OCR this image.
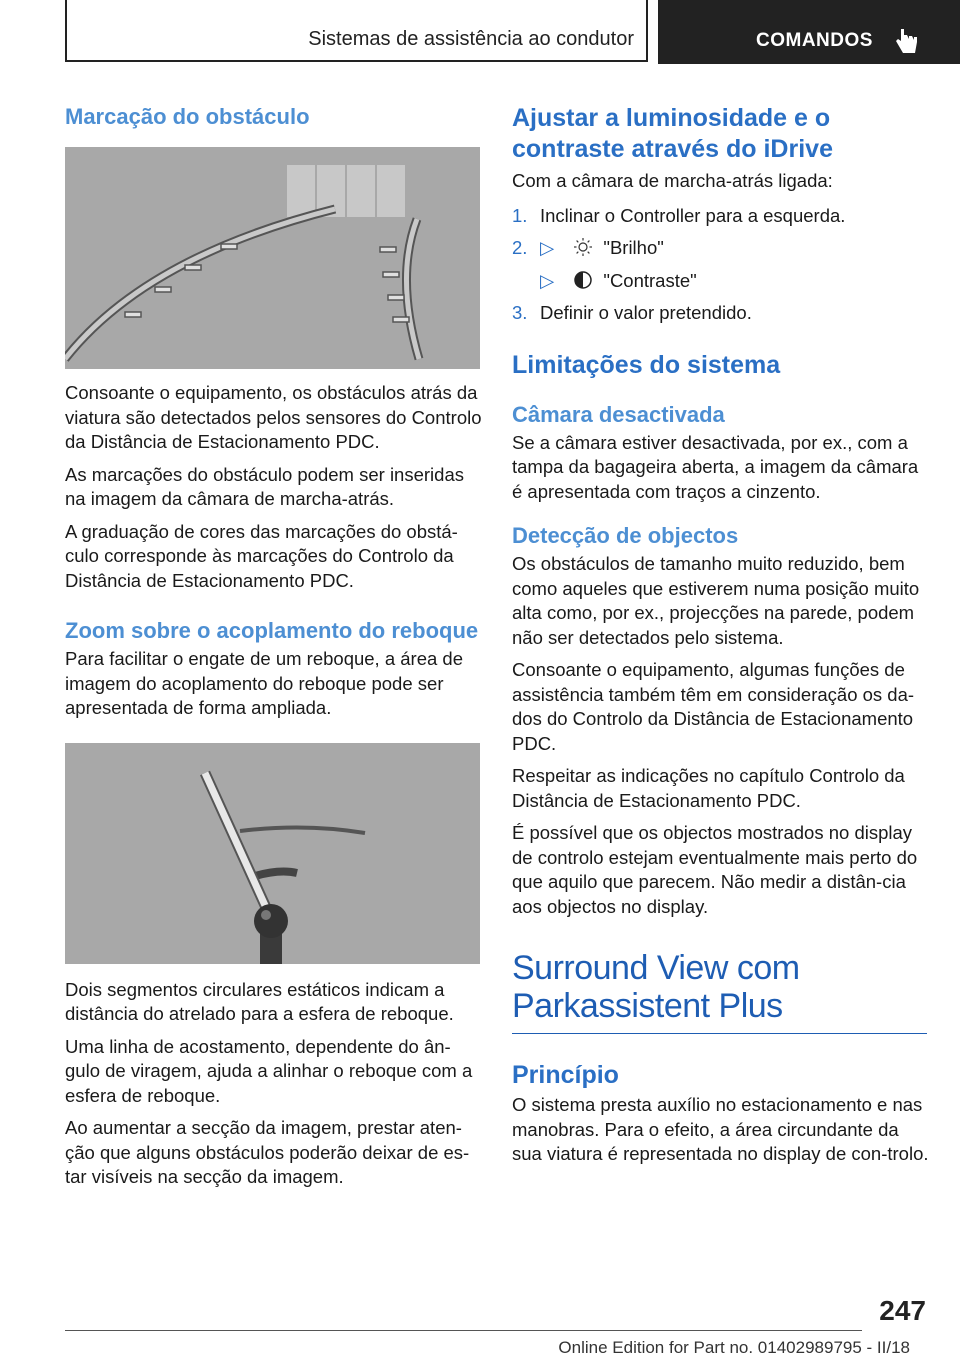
Sistemas de assistência ao condutor	COMANDOS
Marcação do obstáculo

Consoante o equipamento, os obstáculos atrás da viatura são detectados pelos sensores do Controlo da Distância de Estacionamento PDC.

As marcações do obstáculo podem ser inseridas na imagem da câmara de marcha-atrás.

A graduação de cores das marcações do obstá-culo corresponde às marcações do Controlo da Distância de Estacionamento PDC.

Zoom sobre o acoplamento do reboque

Para facilitar o engate de um reboque, a área de imagem do acoplamento do reboque pode ser apresentada de forma ampliada.

Dois segmentos circulares estáticos indicam a distância do atrelado para a esfera de reboque.

Uma linha de acostamento, dependente do ân-gulo de viragem, ajuda a alinhar o reboque com a esfera de reboque.

Ao aumentar a secção da imagem, prestar aten-ção que alguns obstáculos poderão deixar de es-tar visíveis na secção da imagem.

Ajustar a luminosidade e o contraste através do iDrive

Com a câmara de marcha-atrás ligada:

1. Inclinar o Controller para a esquerda.
2. ▷	"Brilho"
▷	"Contraste"
3. Definir o valor pretendido.
Limitações do sistema
Câmara desactivada

Se a câmara estiver desactivada, por ex., com a tampa da bagageira aberta, a imagem da câmara é apresentada com traços a cinzento.

Detecção de objectos

Os obstáculos de tamanho muito reduzido, bem como aqueles que estiverem numa posição muito alta como, por ex., projecções na parede, podem não ser detectados pelo sistema.

Consoante o equipamento, algumas funções de assistência também têm em consideração os da-dos do Controlo da Distância de Estacionamento PDC.

Respeitar as indicações no capítulo Controlo da Distância de Estacionamento PDC.

É possível que os objectos mostrados no display de controlo estejam eventualmente mais perto do que aquilo que parecem. Não medir a distân-cia aos objectos no display.

Surround View com Parkassistent Plus
Princípio

O sistema presta auxílio no estacionamento e nas manobras. Para o efeito, a área circundante da sua viatura é representada no display de con-trolo.

247
Online Edition for Part no. 01402989795 - II/18
